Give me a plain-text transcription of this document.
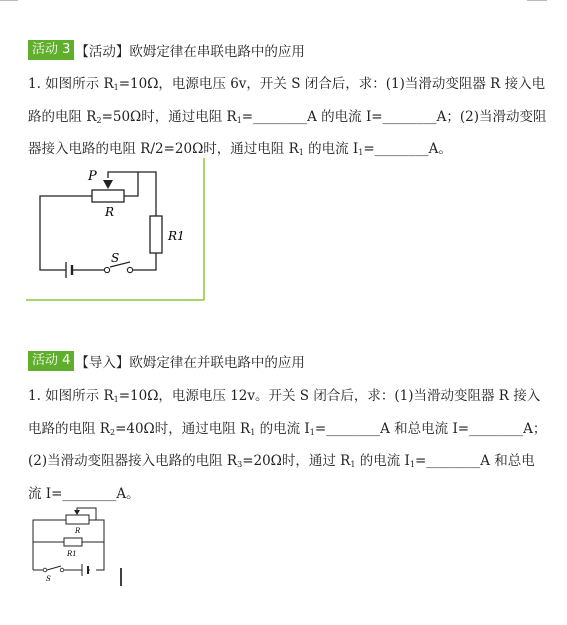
活动 3 【活动】欧姆定律在串联电路中的应用
1. 如图所示 $R_1=10\Omega$，电源电压 6v，开关 S 闭合后，求：(1)当滑动变阻器 R 接入电路的电阻 $R_2=50\Omega$时，通过电阻 $R_1=\_\_\_\_\_\_\_\_A$ 的电流 I=________A；(2)当滑动变阻器接入电路的电阻 R/2=20Ω时，通过电阻 $R_1$ 的电流 $I_1=\_\_\_\_\_\_\_\_A$。
P
R
R1
S
活动 4 【导入】欧姆定律在并联电路中的应用
1. 如图所示 $R_1=10\Omega$，电源电压 12v。开关 S 闭合后，求：(1)当滑动变阻器 R 接入电路的电阻 $R_2=40\Omega$时，通过电阻 $R_1$ 的电流 $I_1=\_\_\_\_\_\_\_\_A$ 和总电流 I=________A；(2)当滑动变阻器接入电路的电阻 $R_3=20\Omega$时，通过 $R_1$ 的电流 $I_1=\_\_\_\_\_\_\_\_A$ 和总电流 I=________A。
R
R1
S
